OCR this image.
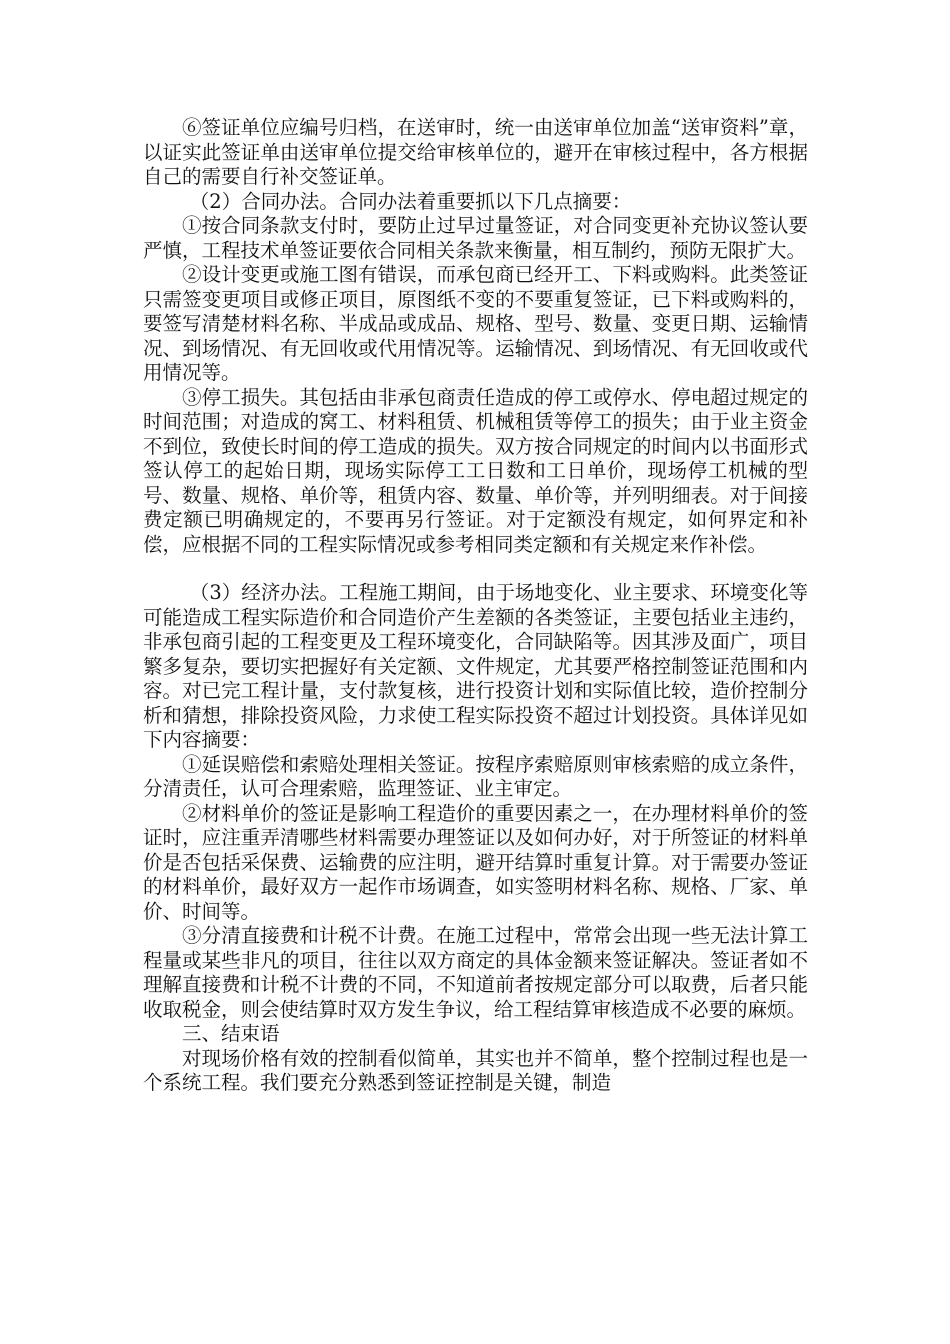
⑥签证单位应编号归档，在送审时，统一由送审单位加盖“送审资料”章，以证实此签证单由送审单位提交给审核单位的，避开在审核过程中，各方根据自己的需要自行补交签证单。

（2）合同办法。合同办法着重要抓以下几点摘要：

①按合同条款支付时，要防止过早过量签证，对合同变更补充协议签认要严慎，工程技术单签证要依合同相关条款来衡量，相互制约，预防无限扩大。

②设计变更或施工图有错误，而承包商已经开工、下料或购料。此类签证只需签变更项目或修正项目，原图纸不变的不要重复签证，已下料或购料的，要签写清楚材料名称、半成品或成品、规格、型号、数量、变更日期、运输情况、到场情况、有无回收或代用情况等。运输情况、到场情况、有无回收或代用情况等。

③停工损失。其包括由非承包商责任造成的停工或停水、停电超过规定的时间范围；对造成的窝工、材料租赁、机械租赁等停工的损失；由于业主资金不到位，致使长时间的停工造成的损失。双方按合同规定的时间内以书面形式签认停工的起始日期，现场实际停工工日数和工日单价，现场停工机械的型号、数量、规格、单价等，租赁内容、数量、单价等，并列明细表。对于间接费定额已明确规定的，不要再另行签证。对于定额没有规定，如何界定和补偿，应根据不同的工程实际情况或参考相同类定额和有关规定来作补偿。

（3）经济办法。工程施工期间，由于场地变化、业主要求、环境变化等可能造成工程实际造价和合同造价产生差额的各类签证，主要包括业主违约，非承包商引起的工程变更及工程环境变化，合同缺陷等。因其涉及面广，项目繁多复杂，要切实把握好有关定额、文件规定，尤其要严格控制签证范围和内容。对已完工程计量，支付款复核，进行投资计划和实际值比较，造价控制分析和猜想，排除投资风险，力求使工程实际投资不超过计划投资。具体详见如下内容摘要：

①延误赔偿和索赔处理相关签证。按程序索赔原则审核索赔的成立条件，分清责任，认可合理索赔，监理签证、业主审定。

②材料单价的签证是影响工程造价的重要因素之一，在办理材料单价的签证时，应注重弄清哪些材料需要办理签证以及如何办好，对于所签证的材料单价是否包括采保费、运输费的应注明，避开结算时重复计算。对于需要办签证的材料单价，最好双方一起作市场调查，如实签明材料名称、规格、厂家、单价、时间等。

③分清直接费和计税不计费。在施工过程中，常常会出现一些无法计算工程量或某些非凡的项目，往往以双方商定的具体金额来签证解决。签证者如不理解直接费和计税不计费的不同，不知道前者按规定部分可以取费，后者只能收取税金，则会使结算时双方发生争议，给工程结算审核造成不必要的麻烦。

三、结束语

对现场价格有效的控制看似简单，其实也并不简单，整个控制过程也是一个系统工程。我们要充分熟悉到签证控制是关键，制造
